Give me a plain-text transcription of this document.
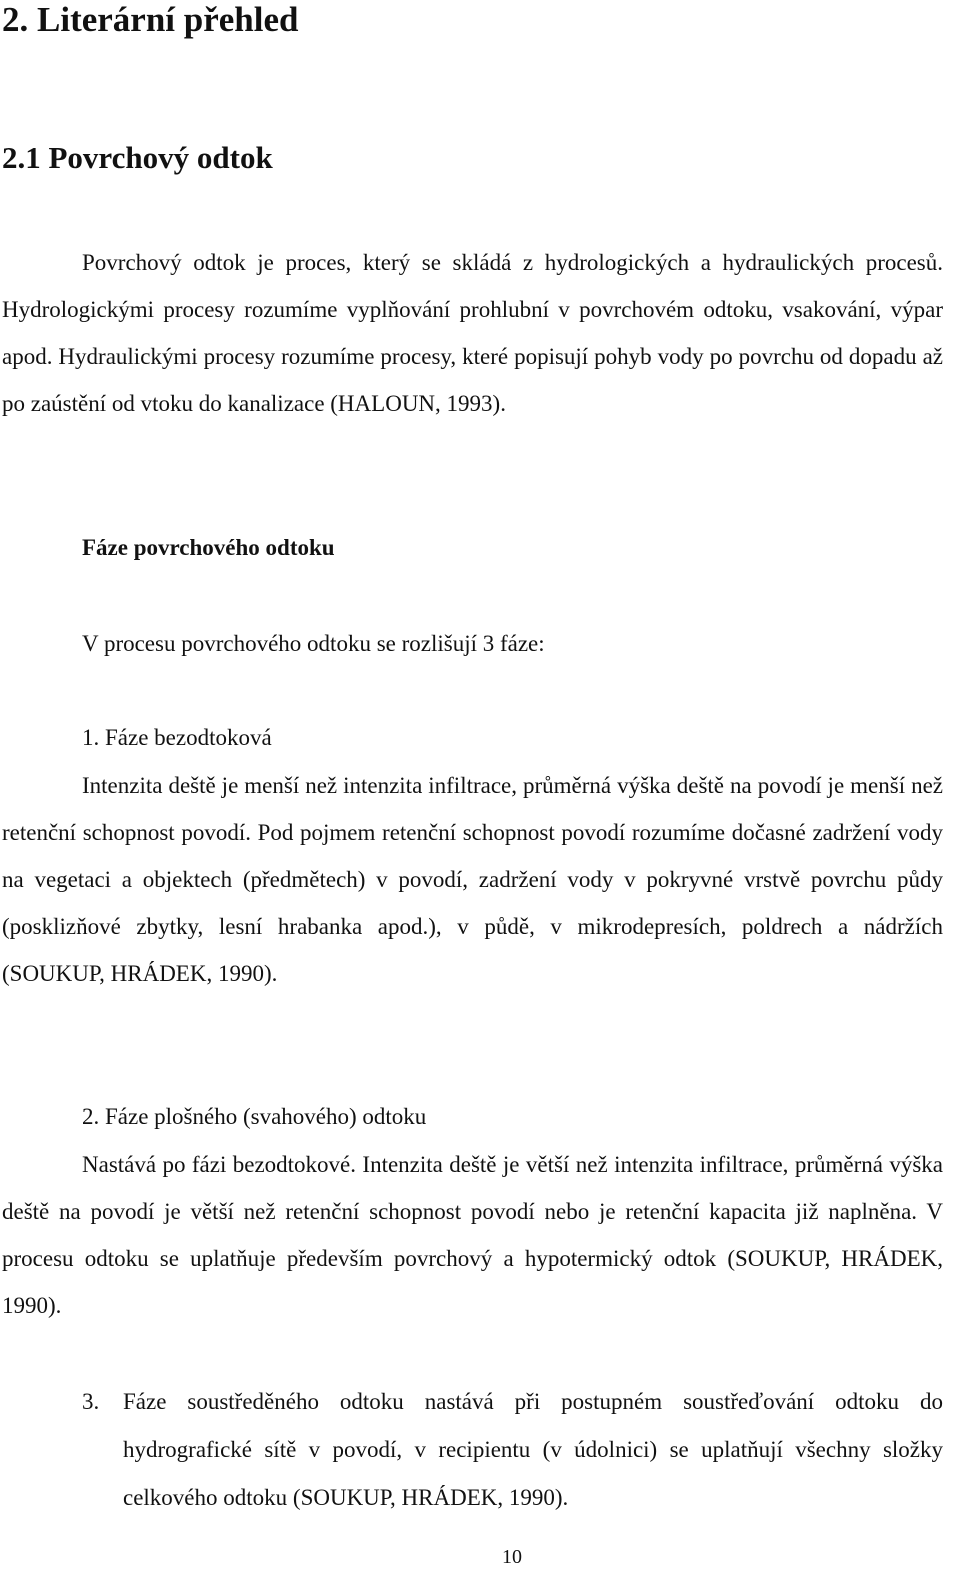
2. Literární přehled
2.1 Povrchový odtok
Povrchový odtok je proces, který se skládá z hydrologických a hydraulických procesů. Hydrologickými procesy rozumíme vyplňování prohlubní v povrchovém odtoku, vsakování, výpar apod. Hydraulickými procesy rozumíme procesy, které popisují pohyb vody po povrchu od dopadu až po zaústění od vtoku do kanalizace (HALOUN, 1993).
Fáze povrchového odtoku
V procesu povrchového odtoku se rozlišují 3 fáze:
1. Fáze bezodtoková
Intenzita deště je menší než intenzita infiltrace, průměrná výška deště na povodí je menší než retenční schopnost povodí. Pod pojmem retenční schopnost povodí rozumíme dočasné zadržení vody na vegetaci a objektech (předmětech) v povodí, zadržení vody v pokryvné vrstvě povrchu půdy (posklizňové zbytky, lesní hrabanka apod.), v půdě, v mikrodepresích, poldrech a nádržích (SOUKUP, HRÁDEK, 1990).
2. Fáze plošného (svahového) odtoku
Nastává po fázi bezodtokové. Intenzita deště je větší než intenzita infiltrace, průměrná výška deště na povodí je větší než retenční schopnost povodí nebo je retenční kapacita již naplněna. V procesu odtoku se uplatňuje především povrchový a hypotermický odtok (SOUKUP, HRÁDEK, 1990).
3. Fáze soustředěného odtoku nastává při postupném soustřeďování odtoku do hydrografické sítě v povodí, v recipientu (v údolnici) se uplatňují všechny složky celkového odtoku (SOUKUP, HRÁDEK, 1990).
10
